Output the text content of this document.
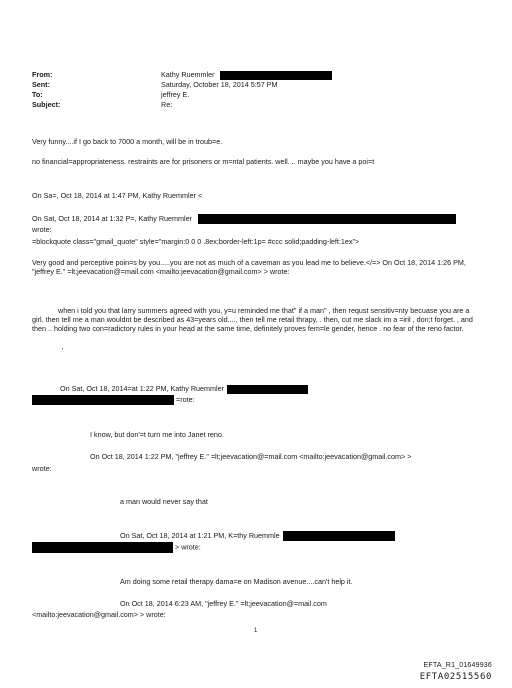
From:	Kathy Ruemmler
Sent:	Saturday, October 18, 2014 5:57 PM
To:	jeffrey E.
Subject:	Re:
Very funny....if I go back to 7000 a month, will be in troub=e.
no financial=appropriateness. restraints are for prisoners or m=ntal patients. well. .. maybe you have a poi=t
On Sa=, Oct 18, 2014 at 1:47 PM, Kathy Ruemmler <
On Sat, Oct 18, 2014 at 1:32 P=, Kathy Ruemmler
wrote:
=blockquote class="gmail_quote" style="margin:0 0 0 .8ex;border-left:1p= #ccc solid;padding-left:1ex">
Very good and perceptive poin=s by you.....you are not as much of a caveman as you lead me to believe.</=> On Oct 18, 2014 1:26 PM, "jeffrey E." =lt;jeevacation@=mail.com <mailto:jeevacation@gmail.com> > wrote:
when i told you that larry summers agreed with you, y=u reminded me that" if a man" , then requst sensitiv=nty becuase you are a girl. then tell me a man wouldnt be described as 43=years old...., then tell me retail thrapy, . then, cut me slack im a =iril , don;t forget. , and then .. holding two con=radictory rules in your head at the same time, definitely proves fem=le gender, hence . no fear of the reno factor.
'
On Sat, Oct 18, 2014=at 1:22 PM, Kathy Ruemmler
=rote:
I know, but don'=t turn me into Janet reno.
On Oct 18, 2014 1:22 PM, "jeffrey E." =lt;jeevacation@=mail.com <mailto:jeevacation@gmail.com> >
wrote:
a man would never say that
On Sat, Oct 18, 2014 at 1:21 PM, K=thy Ruemmle
> wrote:
Am doing some retail therapy dama=e on Madison avenue....can't help it.
On Oct 18, 2014 6:23 AM, "jeffrey E." =lt;jeevacation@=mail.com
<mailto:jeevacation@gmail.com> > wrote:
1
EFTA_R1_01649936
EFTA02515560
